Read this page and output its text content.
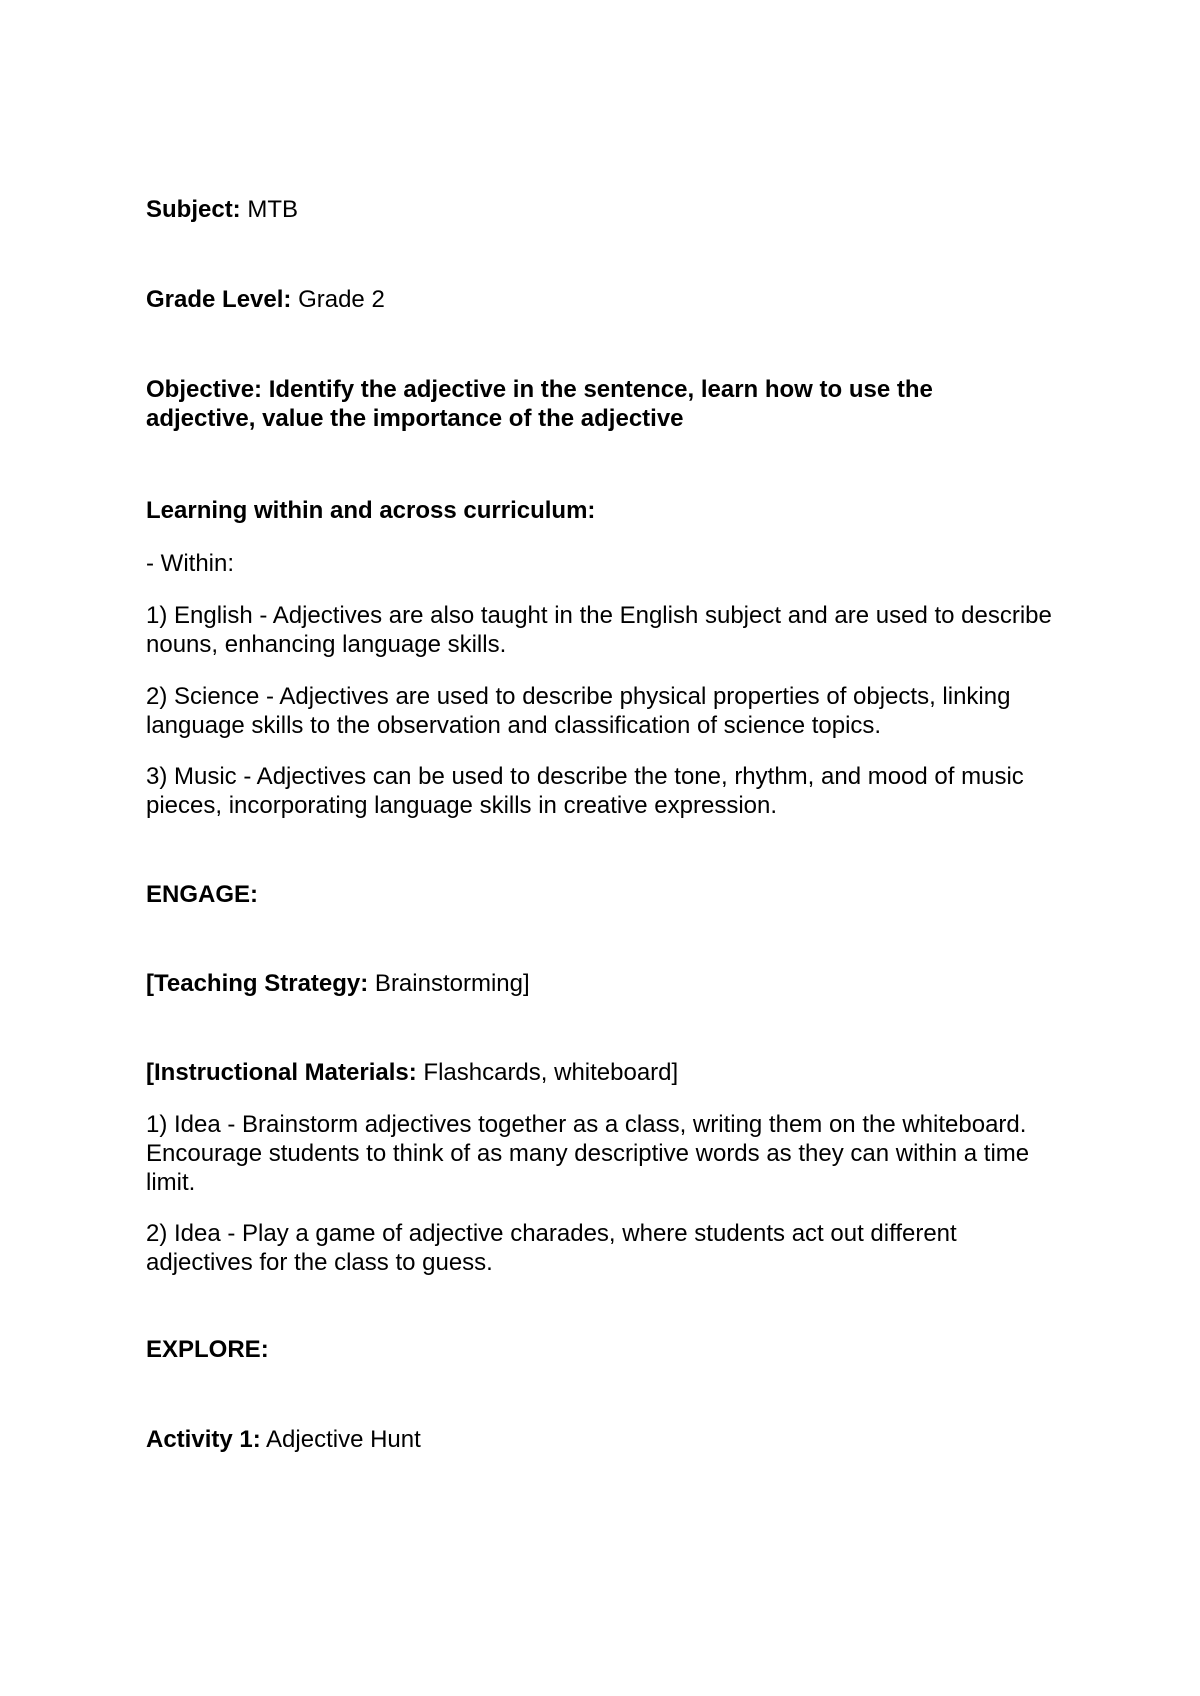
Subject: MTB
Grade Level: Grade 2
Objective: Identify the adjective in the sentence, learn how to use the adjective, value the importance of the adjective
Learning within and across curriculum:
- Within:
1) English - Adjectives are also taught in the English subject and are used to describe nouns, enhancing language skills.
2) Science - Adjectives are used to describe physical properties of objects, linking language skills to the observation and classification of science topics.
3) Music - Adjectives can be used to describe the tone, rhythm, and mood of music pieces, incorporating language skills in creative expression.
ENGAGE:
[Teaching Strategy: Brainstorming]
[Instructional Materials: Flashcards, whiteboard]
1) Idea - Brainstorm adjectives together as a class, writing them on the whiteboard. Encourage students to think of as many descriptive words as they can within a time limit.
2) Idea - Play a game of adjective charades, where students act out different adjectives for the class to guess.
EXPLORE:
Activity 1: Adjective Hunt
